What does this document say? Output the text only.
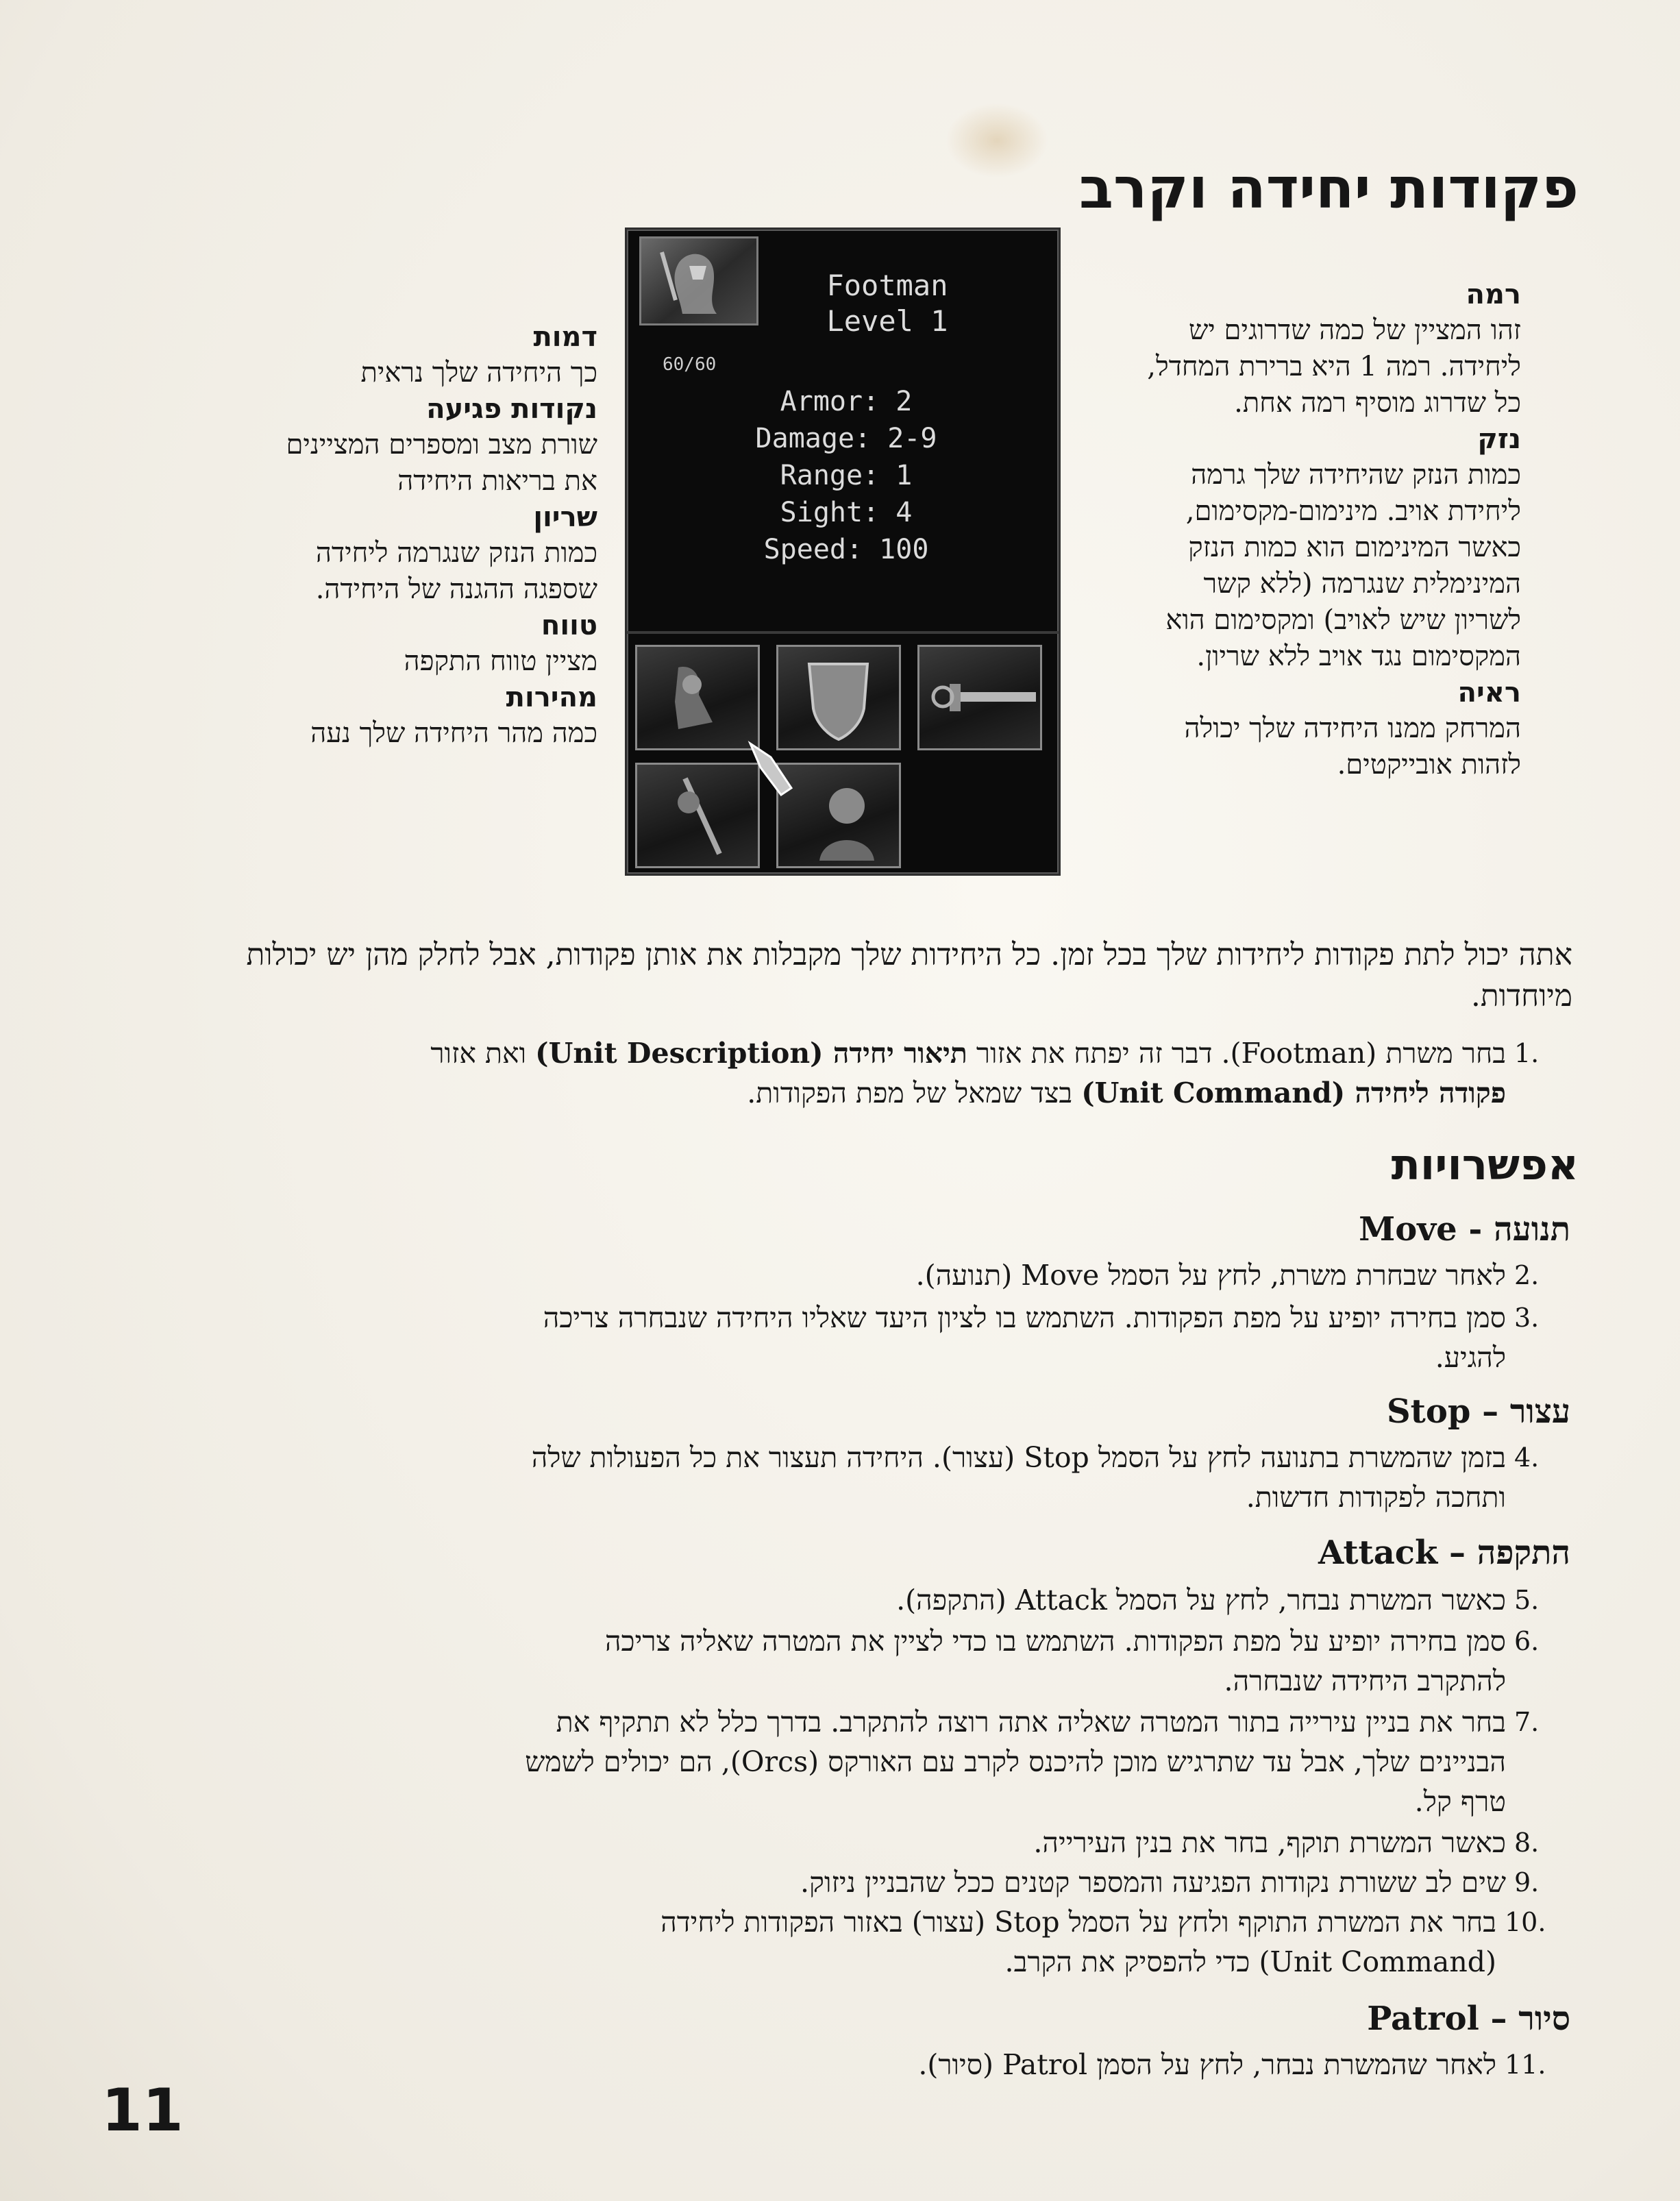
פקודות יחידה וקרב
רמה
זהו המציין של כמה שדרוגים יש
ליחידה. רמה 1 היא ברירת המחדל,
כל שדרוג מוסיף רמה אחת.
נזק
כמות הנזק שהיחידה שלך גרמה
ליחידת אויב. מינימום-מקסימום,
כאשר המינימום הוא כמות הנזק
המינימלית שנגרמה (ללא קשר
לשריון שיש לאויב) ומקסימום הוא
המקסימום נגד אויב ללא שריון.
ראיה
המרחק ממנו היחידה שלך יכולה
לזהות אובייקטים.
דמות
כך היחידה שלך נראית
נקודות פגיעה
שורת מצב ומספרים המציינים
את בריאות היחידה
שריון
כמות הנזק שנגרמה ליחידה
שספגה ההגנה של היחידה.
טווח
מציין טווח התקפה
מהירות
כמה מהר היחידה שלך נעה
60/60
Footman
Level 1
Armor: 2
Damage: 2-9
Range: 1
Sight: 4
Speed: 100
אתה יכול לתת פקודות ליחידות שלך בכל זמן. כל היחידות שלך מקבלות את אותן פקודות, אבל לחלק מהן יש יכולות מיוחדות.
1.
בחר משרת (Footman). דבר זה יפתח את אזור תיאור יחידה (Unit Description) ואת אזור
פקודה ליחידה (Unit Command) בצד שמאל של מפת הפקודות.
אפשרויות
תנועה - Move
2.
לאחר שבחרת משרת, לחץ על הסמל Move (תנועה).
3.
סמן בחירה יופיע על מפת הפקודות. השתמש בו לציון היעד שאליו היחידה שנבחרה צריכה
להגיע.
עצור – Stop
4.
בזמן שהמשרת בתנועה לחץ על הסמל Stop (עצור). היחידה תעצור את כל הפעולות שלה
ותחכה לפקודות חדשות.
התקפה – Attack
5.
כאשר המשרת נבחר, לחץ על הסמל Attack (התקפה).
6.
סמן בחירה יופיע על מפת הפקודות. השתמש בו כדי לציין את המטרה שאליה צריכה
להתקרב היחידה שנבחרה.
7.
בחר את בניין עירייה בתור המטרה שאליה אתה רוצה להתקרב. בדרך כלל לא תתקיף את
הבניינים שלך, אבל עד שתרגיש מוכן להיכנס לקרב עם האורקס (Orcs), הם יכולים לשמש
טרף קל.
8.
כאשר המשרת תוקף, בחר את בנין העירייה.
9.
שים לב ששורת נקודות הפגיעה והמספר קטנים ככל שהבניין ניזוק.
10.
בחר את המשרת התוקף ולחץ על הסמל Stop (עצור) באזור הפקודות ליחידה
(Unit Command) כדי להפסיק את הקרב.
סיור – Patrol
11.
לאחר שהמשרת נבחר, לחץ על הסמן Patrol (סיור).
11
